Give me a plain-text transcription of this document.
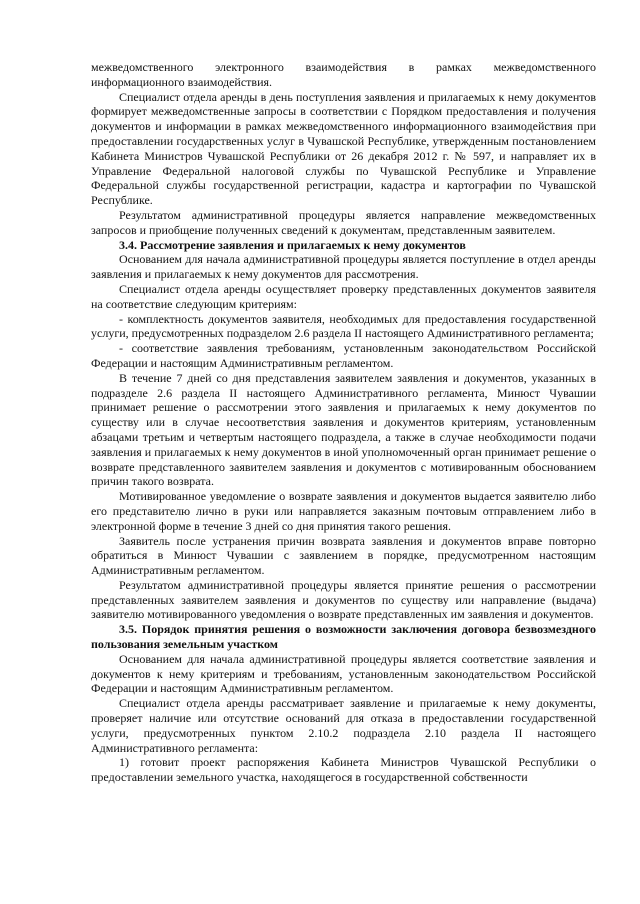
межведомственного электронного взаимодействия в рамках межведомственного информационного взаимодействия.

Специалист отдела аренды в день поступления заявления и прилагаемых к нему документов формирует межведомственные запросы в соответствии с Порядком предоставления и получения документов и информации в рамках межведомственного информационного взаимодействия при предоставлении государственных услуг в Чувашской Республике, утвержденным постановлением Кабинета Министров Чувашской Республики от 26 декабря 2012 г. № 597, и направляет их в Управление Федеральной налоговой службы по Чувашской Республике и Управление Федеральной службы государственной регистрации, кадастра и картографии по Чувашской Республике.

Результатом административной процедуры является направление межведомственных запросов и приобщение полученных сведений к документам, представленным заявителем.

3.4. Рассмотрение заявления и прилагаемых к нему документов

Основанием для начала административной процедуры является поступление в отдел аренды заявления и прилагаемых к нему документов для рассмотрения.

Специалист отдела аренды осуществляет проверку представленных документов заявителя на соответствие следующим критериям:

- комплектность документов заявителя, необходимых для предоставления государственной услуги, предусмотренных подразделом 2.6 раздела II настоящего Административного регламента;

- соответствие заявления требованиям, установленным законодательством Российской Федерации и настоящим Административным регламентом.

В течение 7 дней со дня представления заявителем заявления и документов, указанных в подразделе 2.6 раздела II настоящего Административного регламента, Минюст Чувашии принимает решение о рассмотрении этого заявления и прилагаемых к нему документов по существу или в случае несоответствия заявления и документов критериям, установленным абзацами третьим и четвертым настоящего подраздела, а также в случае необходимости подачи заявления и прилагаемых к нему документов в иной уполномоченный орган принимает решение о возврате представленного заявителем заявления и документов с мотивированным обоснованием причин такого возврата.

Мотивированное уведомление о возврате заявления и документов выдается заявителю либо его представителю лично в руки или направляется заказным почтовым отправлением либо в электронной форме в течение 3 дней со дня принятия такого решения.

Заявитель после устранения причин возврата заявления и документов вправе повторно обратиться в Минюст Чувашии с заявлением в порядке, предусмотренном настоящим Административным регламентом.

Результатом административной процедуры является принятие решения о рассмотрении представленных заявителем заявления и документов по существу или направление (выдача) заявителю мотивированного уведомления о возврате представленных им заявления и документов.

3.5. Порядок принятия решения о возможности заключения договора безвозмездного пользования земельным участком

Основанием для начала административной процедуры является соответствие заявления и документов к нему критериям и требованиям, установленным законодательством Российской Федерации и настоящим Административным регламентом.

Специалист отдела аренды рассматривает заявление и прилагаемые к нему документы, проверяет наличие или отсутствие оснований для отказа в предоставлении государственной услуги, предусмотренных пунктом 2.10.2 подраздела 2.10 раздела II настоящего Административного регламента:

1) готовит проект распоряжения Кабинета Министров Чувашской Республики о предоставлении земельного участка, находящегося в государственной собственности
